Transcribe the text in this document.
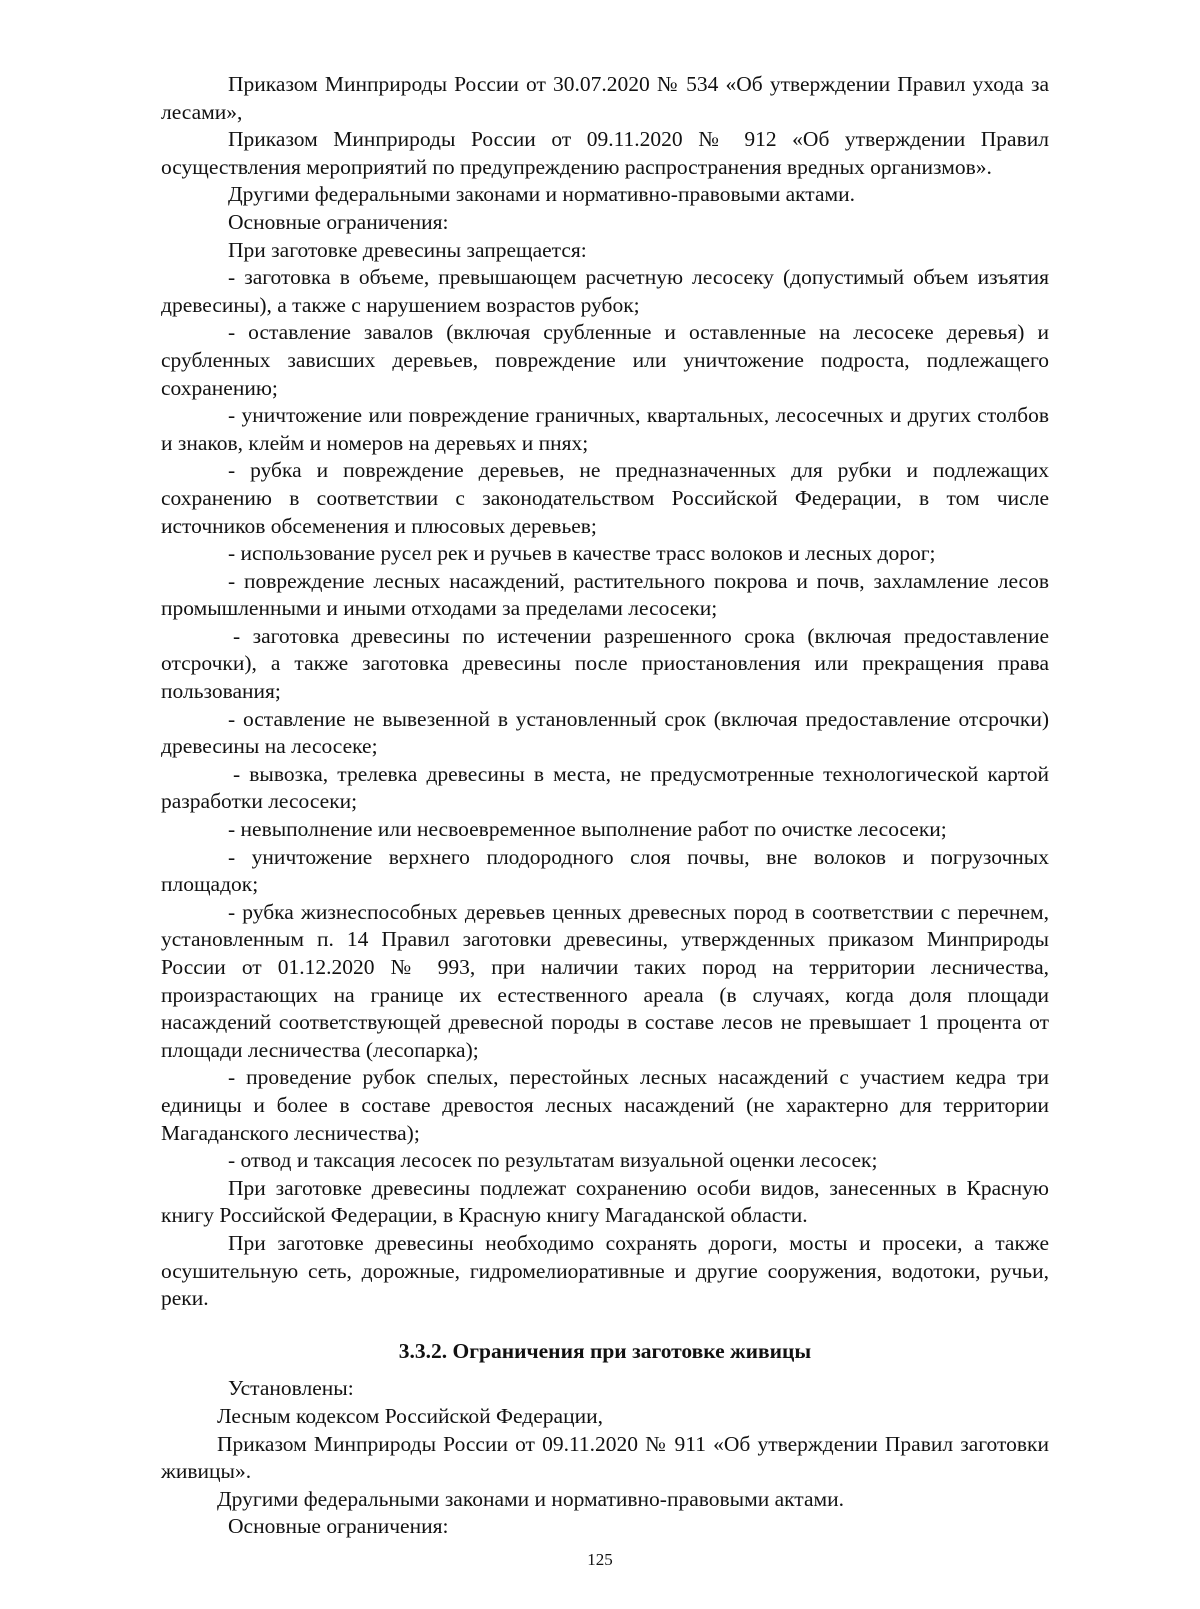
Приказом Минприроды России от 30.07.2020 № 534 «Об утверждении Правил ухода за лесами»,

Приказом Минприроды России от 09.11.2020 № 912 «Об утверждении Правил осуществления мероприятий по предупреждению распространения вредных организмов».

Другими федеральными законами и нормативно-правовыми актами.

Основные ограничения:

При заготовке древесины запрещается:

- заготовка в объеме, превышающем расчетную лесосеку (допустимый объем изъятия древесины), а также с нарушением возрастов рубок;

- оставление завалов (включая срубленные и оставленные на лесосеке деревья) и срубленных зависших деревьев, повреждение или уничтожение подроста, подлежащего сохранению;

- уничтожение или повреждение граничных, квартальных, лесосечных и других столбов и знаков, клейм и номеров на деревьях и пнях;

- рубка и повреждение деревьев, не предназначенных для рубки и подлежащих сохранению в соответствии с законодательством Российской Федерации, в том числе источников обсеменения и плюсовых деревьев;

- использование русел рек и ручьев в качестве трасс волоков и лесных дорог;

- повреждение лесных насаждений, растительного покрова и почв, захламление лесов промышленными и иными отходами за пределами лесосеки;

- заготовка древесины по истечении разрешенного срока (включая предоставление отсрочки), а также заготовка древесины после приостановления или прекращения права пользования;

- оставление не вывезенной в установленный срок (включая предоставление отсрочки) древесины на лесосеке;

- вывозка, трелевка древесины в места, не предусмотренные технологической картой разработки лесосеки;

- невыполнение или несвоевременное выполнение работ по очистке лесосеки;

- уничтожение верхнего плодородного слоя почвы, вне волоков и погрузочных площадок;

- рубка жизнеспособных деревьев ценных древесных пород в соответствии с перечнем, установленным п. 14 Правил заготовки древесины, утвержденных приказом Минприроды России от 01.12.2020 № 993, при наличии таких пород на территории лесничества, произрастающих на границе их естественного ареала (в случаях, когда доля площади насаждений соответствующей древесной породы в составе лесов не превышает 1 процента от площади лесничества (лесопарка);

- проведение рубок спелых, перестойных лесных насаждений с участием кедра три единицы и более в составе древостоя лесных насаждений (не характерно для территории Магаданского лесничества);

- отвод и таксация лесосек по результатам визуальной оценки лесосек;

При заготовке древесины подлежат сохранению особи видов, занесенных в Красную книгу Российской Федерации, в Красную книгу Магаданской области.

При заготовке древесины необходимо сохранять дороги, мосты и просеки, а также осушительную сеть, дорожные, гидромелиоративные и другие сооружения, водотоки, ручьи, реки.

3.3.2. Ограничения при заготовке живицы

Установлены:

Лесным кодексом Российской Федерации,

Приказом Минприроды России от 09.11.2020 № 911 «Об утверждении Правил заготовки живицы».

Другими федеральными законами и нормативно-правовыми актами.

Основные ограничения:

125
